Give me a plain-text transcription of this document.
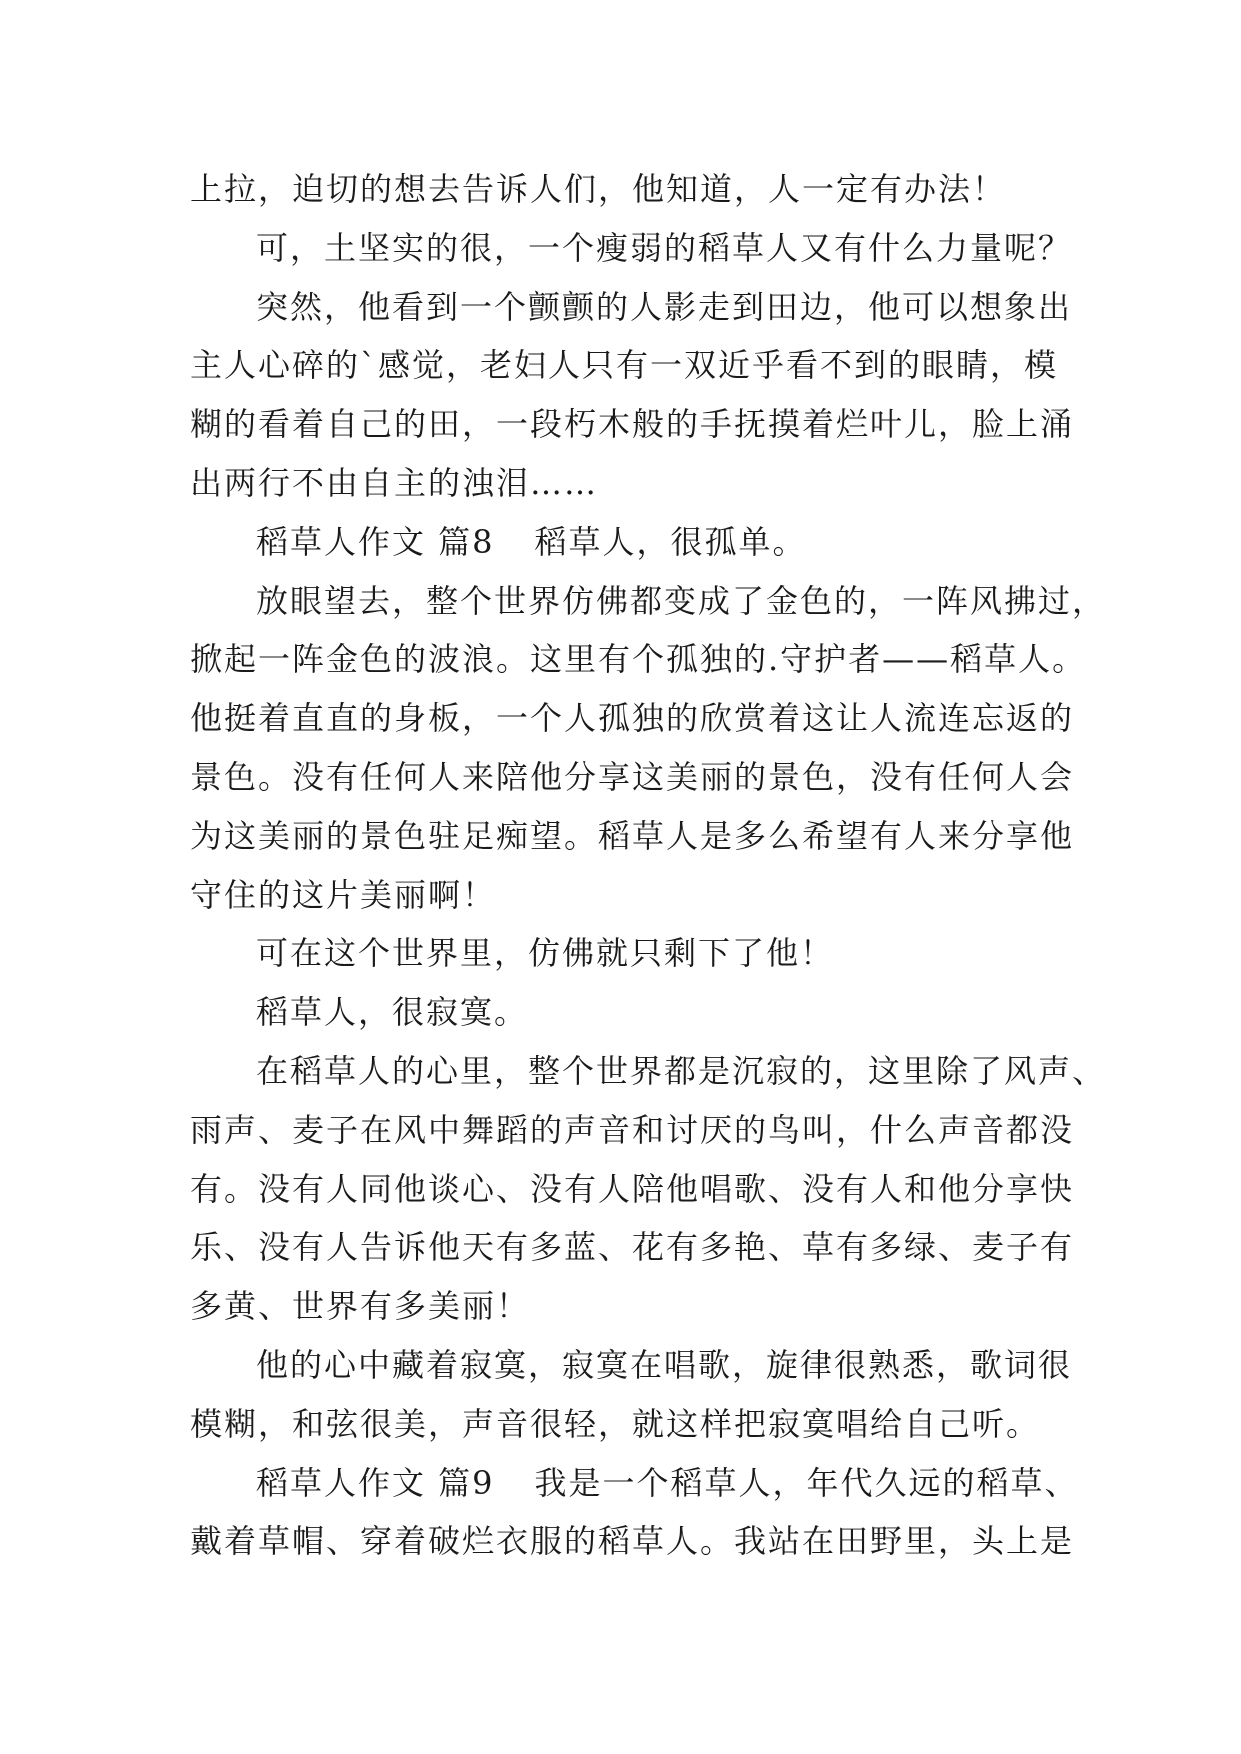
上拉，迫切的想去告诉人们，他知道，人一定有办法！
可，土坚实的很，一个瘦弱的稻草人又有什么力量呢？
突然，他看到一个颤颤的人影走到田边，他可以想象出
主人心碎的`感觉，老妇人只有一双近乎看不到的眼睛，模
糊的看着自己的田，一段朽木般的手抚摸着烂叶儿，脸上涌
出两行不由自主的浊泪……
稻草人作文 篇8 稻草人，很孤单。
放眼望去，整个世界仿佛都变成了金色的，一阵风拂过，
掀起一阵金色的波浪。这里有个孤独的.守护者——稻草人。
他挺着直直的身板，一个人孤独的欣赏着这让人流连忘返的
景色。没有任何人来陪他分享这美丽的景色，没有任何人会
为这美丽的景色驻足痴望。稻草人是多么希望有人来分享他
守住的这片美丽啊！
可在这个世界里，仿佛就只剩下了他！
稻草人，很寂寞。
在稻草人的心里，整个世界都是沉寂的，这里除了风声、
雨声、麦子在风中舞蹈的声音和讨厌的鸟叫，什么声音都没
有。没有人同他谈心、没有人陪他唱歌、没有人和他分享快
乐、没有人告诉他天有多蓝、花有多艳、草有多绿、麦子有
多黄、世界有多美丽！
他的心中藏着寂寞，寂寞在唱歌，旋律很熟悉，歌词很
模糊，和弦很美，声音很轻，就这样把寂寞唱给自己听。
稻草人作文 篇9 我是一个稻草人，年代久远的稻草、
戴着草帽、穿着破烂衣服的稻草人。我站在田野里，头上是
